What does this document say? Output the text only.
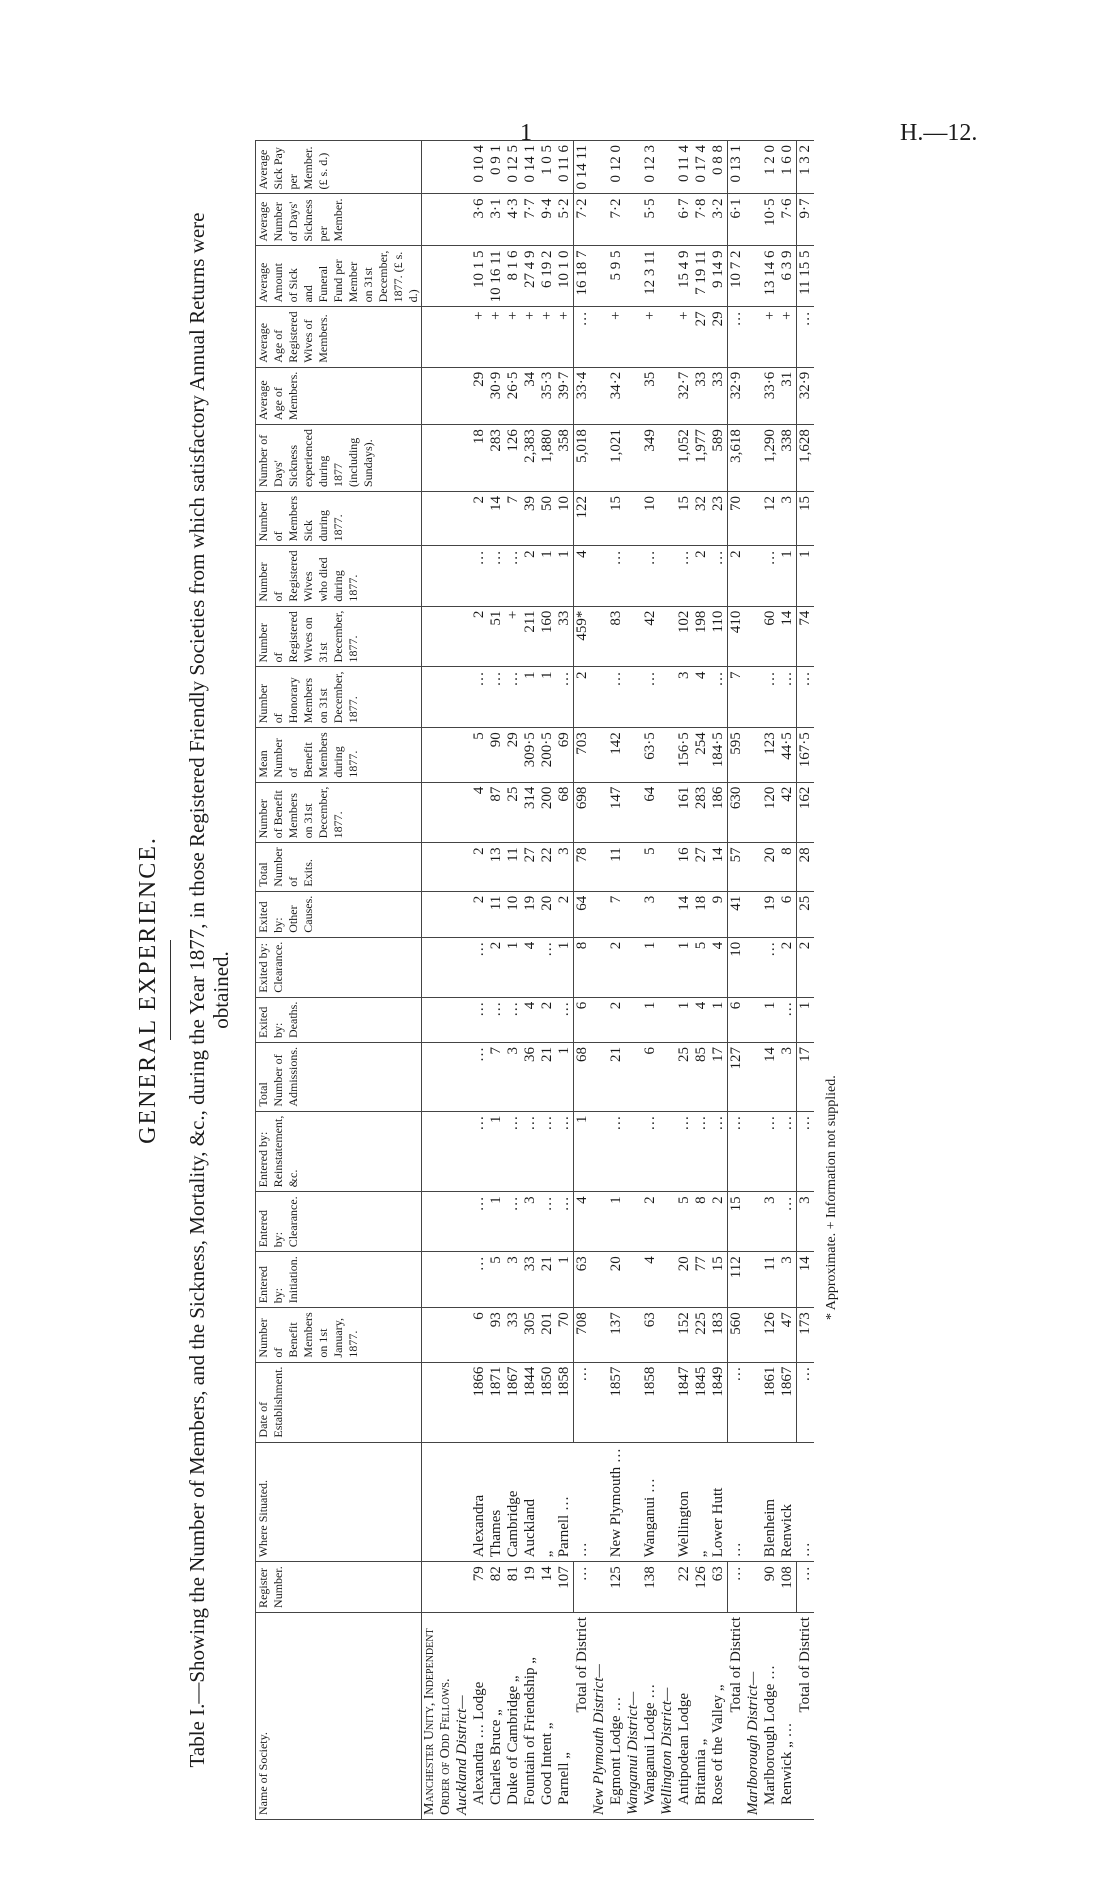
1	H.—12.
GENERAL EXPERIENCE. Table I.—Showing the Number of Members, and the Sickness, Mortality, &c., during the Year 1877, in those Registered Friendly Societies from which satisfactory Annual Returns were obtained.
Name of Society.	Register Number.	Where Situated.	Date of Establishment.	Number of Benefit Members on 1st January, 1877.	Entered by: Initiation.	Entered by: Clearance.	Entered by: Reinstatement, &c.	Total Number of Admissions.	Exited by: Deaths.	Exited by: Clearance.	Exited by: Other Causes.	Total Number of Exits.	Number of Benefit Members on 31st December, 1877.	Mean Number of Benefit Members during 1877.	Number of Honorary Members on 31st December, 1877.	Number of Registered Wives on 31st December, 1877.	Number of Registered Wives who died during 1877.	Number of Members Sick during 1877.	Number of Days' Sickness experienced during 1877 (including Sundays).	Average Age of Members.	Average Age of Registered Wives of Members.	Average Amount of Sick and Funeral Fund per Member on 31st December, 1877. (£ s. d.)	Average Number of Days' Sickness per Member.	Average Sick Pay per Member. (£ s. d.)
Manchester Unity, Independent Order of Odd Fellows.																								
Auckland District—																								
Alexandra … Lodge	79	Alexandra	1866	6	…	…	…	…	…	…	2	2	4	5	…	2	…	2	18	29	+	10 1 5	3·6	0 10 4
Charles Bruce „	82	Thames	1871	93	5	1	1	7	…	2	11	13	87	90	…	51	…	14	283	30·9	+	10 16 11	3·1	0 9 1
Duke of Cambridge „	81	Cambridge	1867	33	3	…	…	3	…	1	10	11	25	29	…	+	…	7	126	26·5	+	8 1 6	4·3	0 12 5
Fountain of Friendship „	19	Auckland	1844	305	33	3	…	36	4	4	19	27	314	309·5	1	211	2	39	2,383	34	+	27 4 9	7·7	0 14 1
Good Intent „	14	„	1850	201	21	…	…	21	2	…	20	22	200	200·5	1	160	1	50	1,880	35·3	+	6 19 2	9·4	1 0 5
Parnell „	107	Parnell …	1858	70	1	…	…	1	…	1	2	3	68	69	…	33	1	10	358	39·7	+	10 1 0	5·2	0 11 6
Total of District	…	…	…	708	63	4	1	68	6	8	64	78	698	703	2	459*	4	122	5,018	33·4	…	16 18 7	7·2	0 14 11
New Plymouth District—																								
Egmont Lodge …	125	New Plymouth …	1857	137	20	1	…	21	2	2	7	11	147	142	…	83	…	15	1,021	34·2	+	5 9 5	7·2	0 12 0
Wanganui District—																								
Wanganui Lodge …	138	Wanganui …	1858	63	4	2	…	6	1	1	3	5	64	63·5	…	42	…	10	349	35	+	12 3 11	5·5	0 12 3
Wellington District—																								
Antipodean Lodge	22	Wellington	1847	152	20	5	…	25	1	1	14	16	161	156·5	3	102	…	15	1,052	32·7	+	15 4 9	6·7	0 11 4
Britannia „	126	„	1845	225	77	8	…	85	4	5	18	27	283	254	4	198	2	32	1,977	33	27	7 19 11	7·8	0 17 4
Rose of the Valley „	63	Lower Hutt	1849	183	15	2	…	17	1	4	9	14	186	184·5	…	110	…	23	589	33	29	9 14 9	3·2	0 8 8
Total of District	…	…	…	560	112	15	…	127	6	10	41	57	630	595	7	410	2	70	3,618	32·9	…	10 7 2	6·1	0 13 1
Marlborough District—																								
Marlborough Lodge …	90	Blenheim	1861	126	11	3	…	14	1	…	19	20	120	123	…	60	…	12	1,290	33·6	+	13 14 6	10·5	1 2 0
Renwick „ …	108	Renwick	1867	47	3	…	…	3	…	2	6	8	42	44·5	…	14	1	3	338	31	+	6 3 9	7·6	1 6 0
Total of District	…	…	…	173	14	3	…	17	1	2	25	28	162	167·5	…	74	1	15	1,628	32·9	…	11 15 5	9·7	1 3 2
* Approximate. + Information not supplied.
